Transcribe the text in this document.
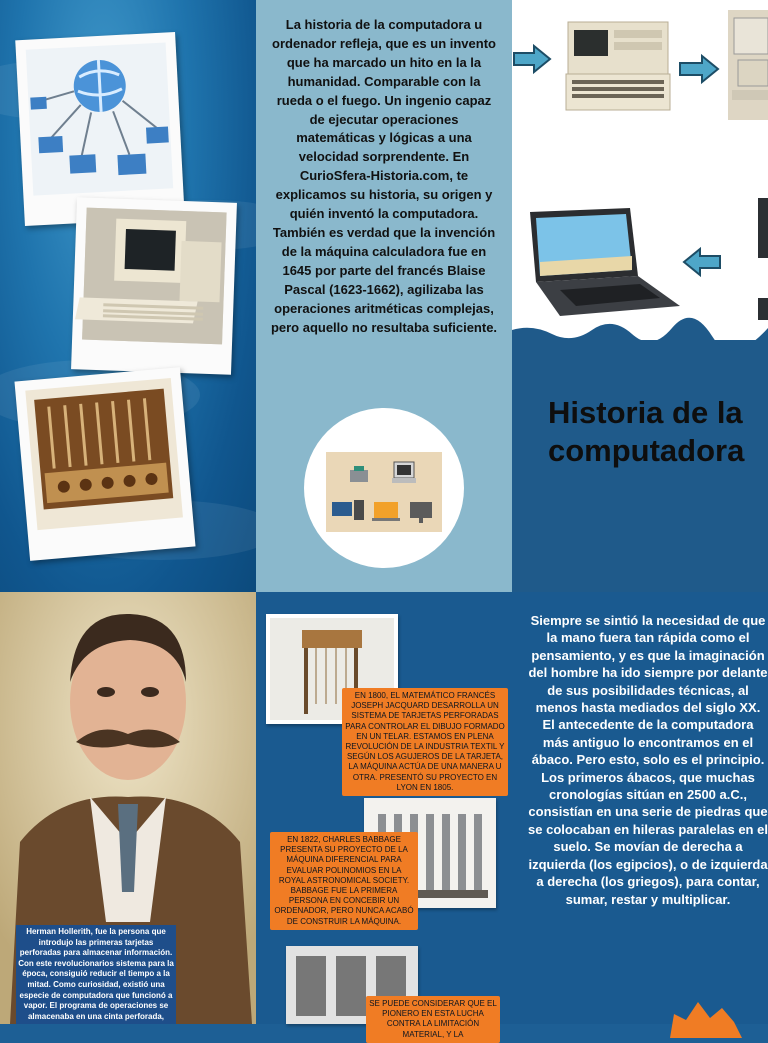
La historia de la computadora u ordenador refleja, que es un invento que ha marcado un hito en la la humanidad. Comparable con la rueda o el fuego. Un ingenio capaz de ejecutar operaciones matemáticas y lógicas a una velocidad sorprendente. En CurioSfera-Historia.com, te explicamos su historia, su origen y quién inventó la computadora. También es verdad que la invención de la máquina calculadora fue en 1645 por parte del francés Blaise Pascal (1623-1662), agilizaba las operaciones aritméticas complejas, pero aquello no resultaba suficiente.
Historia de la
computadora
Herman Hollerith, fue la persona que introdujo las primeras tarjetas perforadas para almacenar información. Con este revolucionarios sistema para la época, consiguió reducir el tiempo a la mitad. Como curiosidad, existió una especie de computadora que funcionó a vapor. El programa de operaciones se almacenaba en una cinta perforada,
EN 1800, EL MATEMÁTICO FRANCÉS JOSEPH JACQUARD DESARROLLA UN SISTEMA DE TARJETAS PERFORADAS PARA CONTROLAR EL DIBUJO FORMADO EN UN TELAR. ESTAMOS EN PLENA REVOLUCIÓN DE LA INDUSTRIA TEXTIL Y SEGÚN LOS AGUJEROS DE LA TARJETA, LA MÁQUINA ACTÚA DE UNA MANERA U OTRA. PRESENTÓ SU PROYECTO EN LYON EN 1805.
EN 1822, CHARLES BABBAGE PRESENTA SU PROYECTO DE LA MÁQUINA DIFERENCIAL PARA EVALUAR POLINOMIOS EN LA ROYAL ASTRONOMICAL SOCIETY. BABBAGE FUE LA PRIMERA PERSONA EN CONCEBIR UN ORDENADOR, PERO NUNCA ACABÓ DE CONSTRUIR LA MÁQUINA.
SE PUEDE CONSIDERAR QUE EL PIONERO EN ESTA LUCHA CONTRA LA LIMITACIÓN MATERIAL, Y LA
Siempre se sintió la necesidad de que la mano fuera tan rápida como el pensamiento, y es que la imaginación del hombre ha ido siempre por delante de sus posibilidades técnicas, al menos hasta mediados del siglo XX. El antecedente de la computadora más antiguo lo encontramos en el ábaco. Pero esto, solo es el principio. Los primeros ábacos, que muchas cronologías sitúan en 2500 a.C., consistían en una serie de piedras que se colocaban en hileras paralelas en el suelo. Se movían de derecha a izquierda (los egipcios), o de izquierda a derecha (los griegos), para contar, sumar, restar y multiplicar.
